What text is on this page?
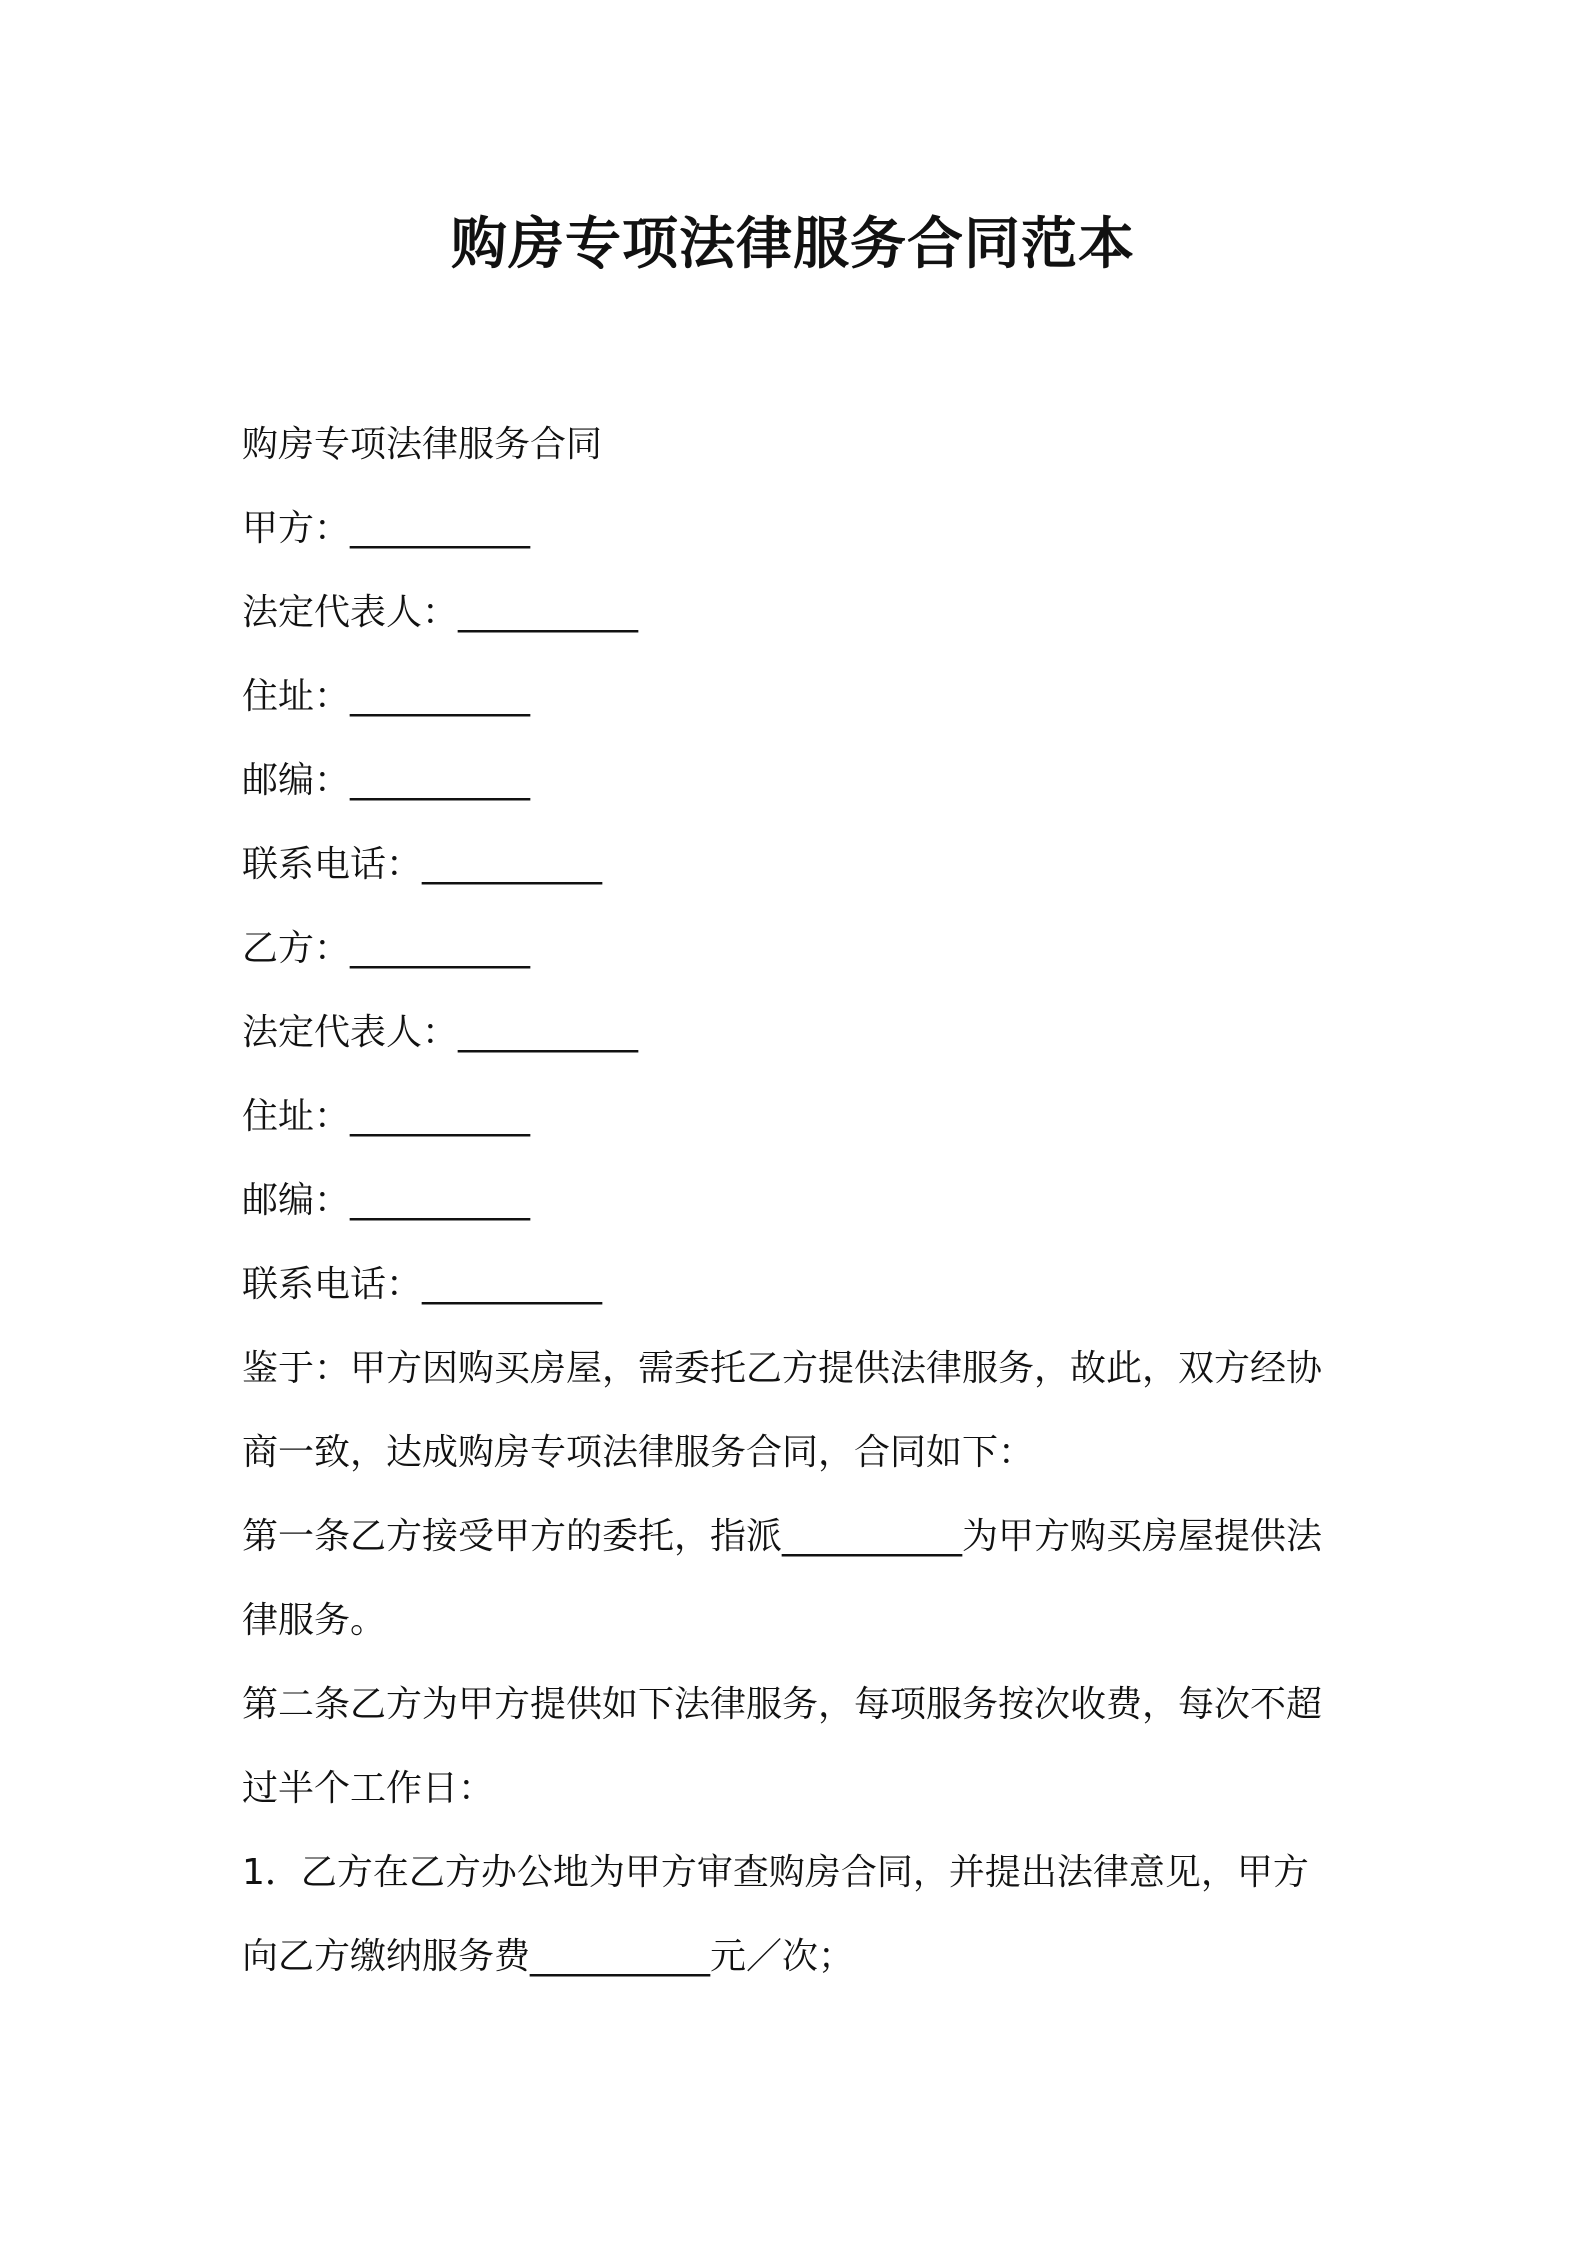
购房专项法律服务合同范本
购房专项法律服务合同
甲方：__________
法定代表人：__________
住址：__________
邮编：__________
联系电话：__________
乙方：__________
法定代表人：__________
住址：__________
邮编：__________
联系电话：__________
鉴于：甲方因购买房屋，需委托乙方提供法律服务，故此，双方经协
商一致，达成购房专项法律服务合同，合同如下：
第一条乙方接受甲方的委托，指派__________为甲方购买房屋提供法
律服务。
第二条乙方为甲方提供如下法律服务，每项服务按次收费，每次不超
过半个工作日：
1．乙方在乙方办公地为甲方审查购房合同，并提出法律意见，甲方
向乙方缴纳服务费__________元／次；
